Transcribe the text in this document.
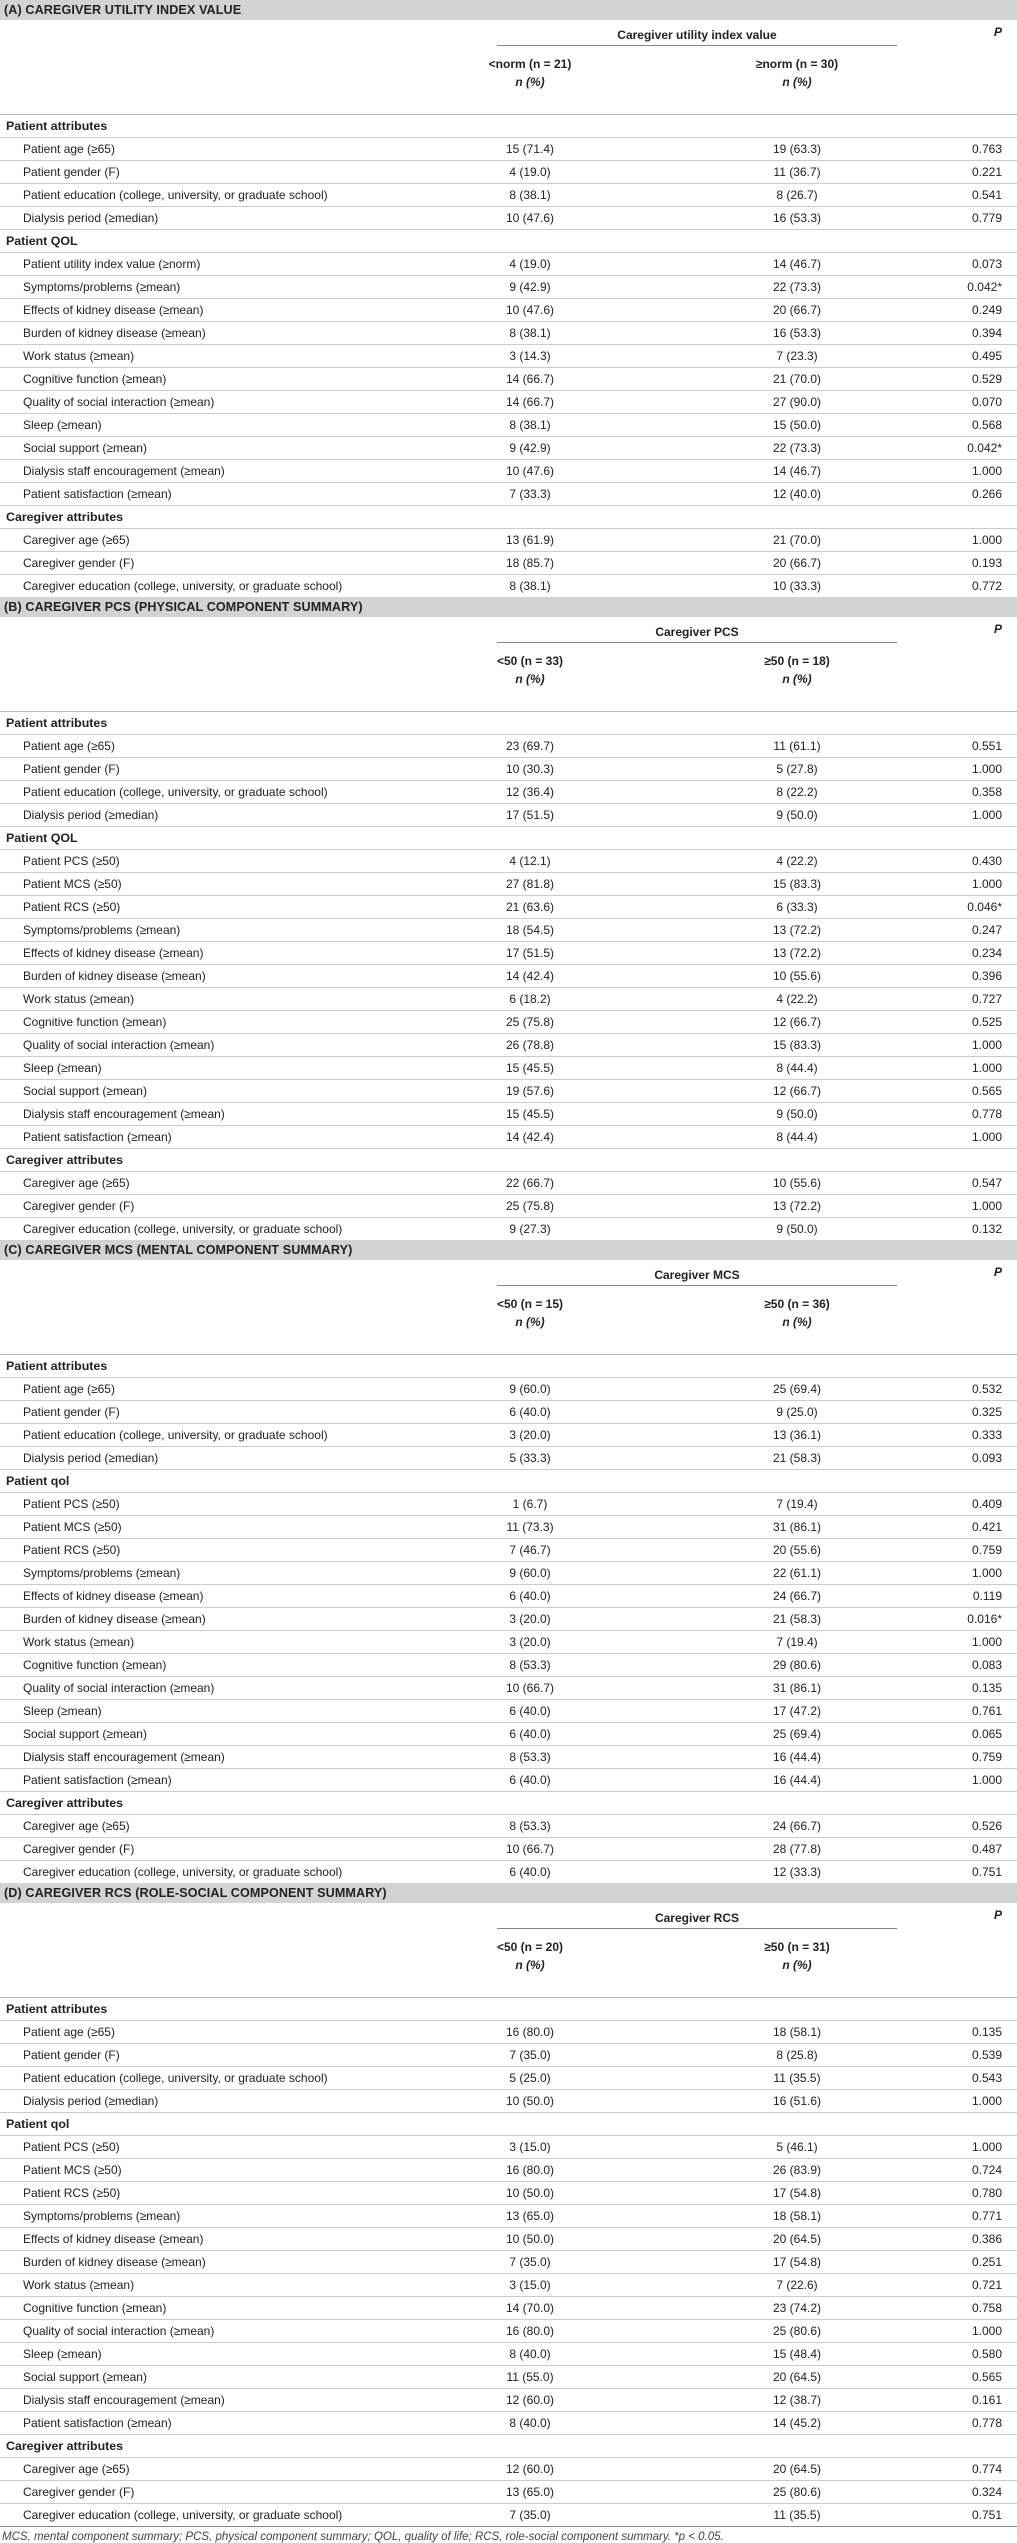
(A) CAREGIVER UTILITY INDEX VALUE
Caregiver utility index value	P
<norm (n = 21)
n (%)
≥norm (n = 30)
n (%)
Patient attributes
Patient age (≥65)	15 (71.4)	19 (63.3)	0.763
Patient gender (F)	4 (19.0)	11 (36.7)	0.221
Patient education (college, university, or graduate school)	8 (38.1)	8 (26.7)	0.541
Dialysis period (≥median)	10 (47.6)	16 (53.3)	0.779
Patient QOL
Patient utility index value (≥norm)	4 (19.0)	14 (46.7)	0.073
Symptoms/problems (≥mean)	9 (42.9)	22 (73.3)	0.042*
Effects of kidney disease (≥mean)	10 (47.6)	20 (66.7)	0.249
Burden of kidney disease (≥mean)	8 (38.1)	16 (53.3)	0.394
Work status (≥mean)	3 (14.3)	7 (23.3)	0.495
Cognitive function (≥mean)	14 (66.7)	21 (70.0)	0.529
Quality of social interaction (≥mean)	14 (66.7)	27 (90.0)	0.070
Sleep (≥mean)	8 (38.1)	15 (50.0)	0.568
Social support (≥mean)	9 (42.9)	22 (73.3)	0.042*
Dialysis staff encouragement (≥mean)	10 (47.6)	14 (46.7)	1.000
Patient satisfaction (≥mean)	7 (33.3)	12 (40.0)	0.266
Caregiver attributes
Caregiver age (≥65)	13 (61.9)	21 (70.0)	1.000
Caregiver gender (F)	18 (85.7)	20 (66.7)	0.193
Caregiver education (college, university, or graduate school)	8 (38.1)	10 (33.3)	0.772
(B) CAREGIVER PCS (PHYSICAL COMPONENT SUMMARY)
Caregiver PCS	P
<50 (n = 33)
n (%)
≥50 (n = 18)
n (%)
Patient attributes
Patient age (≥65)	23 (69.7)	11 (61.1)	0.551
Patient gender (F)	10 (30.3)	5 (27.8)	1.000
Patient education (college, university, or graduate school)	12 (36.4)	8 (22.2)	0.358
Dialysis period (≥median)	17 (51.5)	9 (50.0)	1.000
Patient QOL
Patient PCS (≥50)	4 (12.1)	4 (22.2)	0.430
Patient MCS (≥50)	27 (81.8)	15 (83.3)	1.000
Patient RCS (≥50)	21 (63.6)	6 (33.3)	0.046*
Symptoms/problems (≥mean)	18 (54.5)	13 (72.2)	0.247
Effects of kidney disease (≥mean)	17 (51.5)	13 (72.2)	0.234
Burden of kidney disease (≥mean)	14 (42.4)	10 (55.6)	0.396
Work status (≥mean)	6 (18.2)	4 (22.2)	0.727
Cognitive function (≥mean)	25 (75.8)	12 (66.7)	0.525
Quality of social interaction (≥mean)	26 (78.8)	15 (83.3)	1.000
Sleep (≥mean)	15 (45.5)	8 (44.4)	1.000
Social support (≥mean)	19 (57.6)	12 (66.7)	0.565
Dialysis staff encouragement (≥mean)	15 (45.5)	9 (50.0)	0.778
Patient satisfaction (≥mean)	14 (42.4)	8 (44.4)	1.000
Caregiver attributes
Caregiver age (≥65)	22 (66.7)	10 (55.6)	0.547
Caregiver gender (F)	25 (75.8)	13 (72.2)	1.000
Caregiver education (college, university, or graduate school)	9 (27.3)	9 (50.0)	0.132
(C) CAREGIVER MCS (MENTAL COMPONENT SUMMARY)
Caregiver MCS	P
<50 (n = 15)
n (%)
≥50 (n = 36)
n (%)
Patient attributes
Patient age (≥65)	9 (60.0)	25 (69.4)	0.532
Patient gender (F)	6 (40.0)	9 (25.0)	0.325
Patient education (college, university, or graduate school)	3 (20.0)	13 (36.1)	0.333
Dialysis period (≥median)	5 (33.3)	21 (58.3)	0.093
Patient qol
Patient PCS (≥50)	1 (6.7)	7 (19.4)	0.409
Patient MCS (≥50)	11 (73.3)	31 (86.1)	0.421
Patient RCS (≥50)	7 (46.7)	20 (55.6)	0.759
Symptoms/problems (≥mean)	9 (60.0)	22 (61.1)	1.000
Effects of kidney disease (≥mean)	6 (40.0)	24 (66.7)	0.119
Burden of kidney disease (≥mean)	3 (20.0)	21 (58.3)	0.016*
Work status (≥mean)	3 (20.0)	7 (19.4)	1.000
Cognitive function (≥mean)	8 (53.3)	29 (80.6)	0.083
Quality of social interaction (≥mean)	10 (66.7)	31 (86.1)	0.135
Sleep (≥mean)	6 (40.0)	17 (47.2)	0.761
Social support (≥mean)	6 (40.0)	25 (69.4)	0.065
Dialysis staff encouragement (≥mean)	8 (53.3)	16 (44.4)	0.759
Patient satisfaction (≥mean)	6 (40.0)	16 (44.4)	1.000
Caregiver attributes
Caregiver age (≥65)	8 (53.3)	24 (66.7)	0.526
Caregiver gender (F)	10 (66.7)	28 (77.8)	0.487
Caregiver education (college, university, or graduate school)	6 (40.0)	12 (33.3)	0.751
(D) CAREGIVER RCS (ROLE-SOCIAL COMPONENT SUMMARY)
Caregiver RCS	P
<50 (n = 20)
n (%)
≥50 (n = 31)
n (%)
Patient attributes
Patient age (≥65)	16 (80.0)	18 (58.1)	0.135
Patient gender (F)	7 (35.0)	8 (25.8)	0.539
Patient education (college, university, or graduate school)	5 (25.0)	11 (35.5)	0.543
Dialysis period (≥median)	10 (50.0)	16 (51.6)	1.000
Patient qol
Patient PCS (≥50)	3 (15.0)	5 (46.1)	1.000
Patient MCS (≥50)	16 (80.0)	26 (83.9)	0.724
Patient RCS (≥50)	10 (50.0)	17 (54.8)	0.780
Symptoms/problems (≥mean)	13 (65.0)	18 (58.1)	0.771
Effects of kidney disease (≥mean)	10 (50.0)	20 (64.5)	0.386
Burden of kidney disease (≥mean)	7 (35.0)	17 (54.8)	0.251
Work status (≥mean)	3 (15.0)	7 (22.6)	0.721
Cognitive function (≥mean)	14 (70.0)	23 (74.2)	0.758
Quality of social interaction (≥mean)	16 (80.0)	25 (80.6)	1.000
Sleep (≥mean)	8 (40.0)	15 (48.4)	0.580
Social support (≥mean)	11 (55.0)	20 (64.5)	0.565
Dialysis staff encouragement (≥mean)	12 (60.0)	12 (38.7)	0.161
Patient satisfaction (≥mean)	8 (40.0)	14 (45.2)	0.778
Caregiver attributes
Caregiver age (≥65)	12 (60.0)	20 (64.5)	0.774
Caregiver gender (F)	13 (65.0)	25 (80.6)	0.324
Caregiver education (college, university, or graduate school)	7 (35.0)	11 (35.5)	0.751
MCS, mental component summary; PCS, physical component summary; QOL, quality of life; RCS, role-social component summary. *p < 0.05.
